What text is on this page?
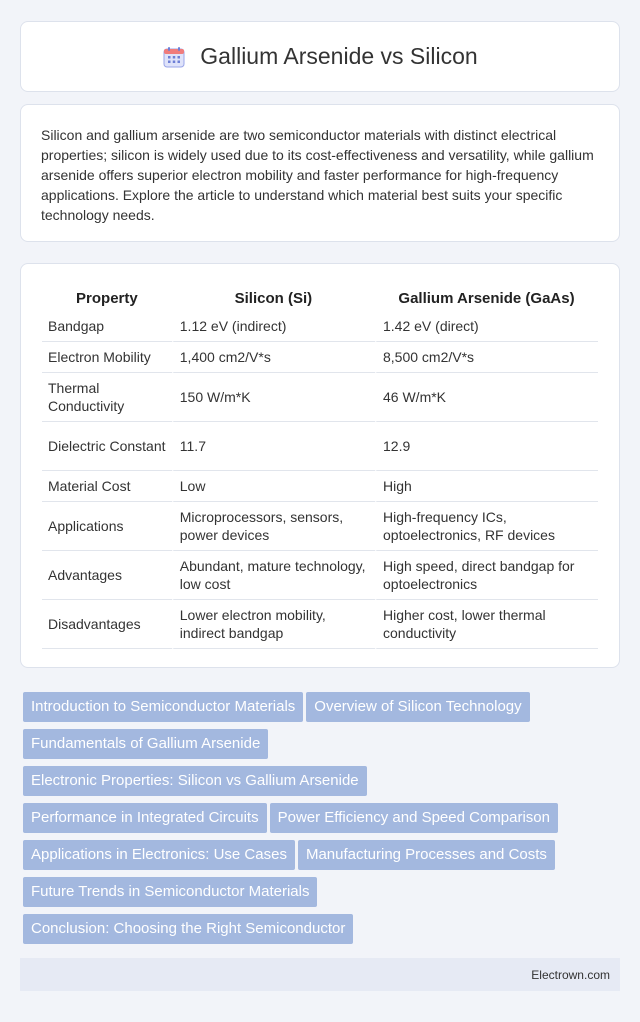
Gallium Arsenide vs Silicon

Silicon and gallium arsenide are two semiconductor materials with distinct electrical properties; silicon is widely used due to its cost-effectiveness and versatility, while gallium arsenide offers superior electron mobility and faster performance for high-frequency applications. Explore the article to understand which material best suits your specific technology needs.

Property	Silicon (Si)	Gallium Arsenide (GaAs)
Bandgap	1.12 eV (indirect)	1.42 eV (direct)
Electron Mobility	1,400 cm2/V*s	8,500 cm2/V*s
Thermal Conductivity	150 W/m*K	46 W/m*K
Dielectric Constant	11.7	12.9
Material Cost	Low	High
Applications	Microprocessors, sensors, power devices	High-frequency ICs, optoelectronics, RF devices
Advantages	Abundant, mature technology, low cost	High speed, direct bandgap for optoelectronics
Disadvantages	Lower electron mobility, indirect bandgap	Higher cost, lower thermal conductivity
Introduction to Semiconductor Materials Overview of Silicon TechnologyFundamentals of Gallium Arsenide
Electronic Properties: Silicon vs Gallium Arsenide
Performance in Integrated Circuits Power Efficiency and Speed Comparison
Applications in Electronics: Use Cases Manufacturing Processes and Costs
Future Trends in Semiconductor Materials
Conclusion: Choosing the Right Semiconductor
Electrown.com
